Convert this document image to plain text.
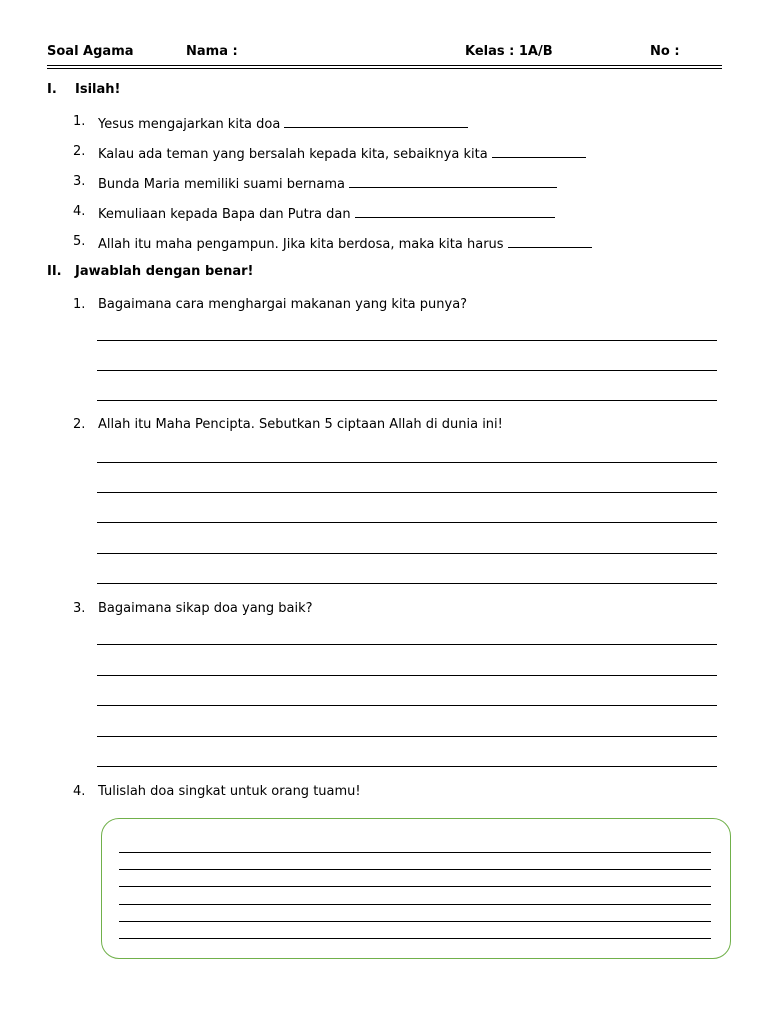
Soal Agama	Nama :	Kelas : 1A/B	No :
I. Isilah!
1. Yesus mengajarkan kita doa
2. Kalau ada teman yang bersalah kepada kita, sebaiknya kita
3. Bunda Maria memiliki suami bernama
4. Kemuliaan kepada Bapa dan Putra dan
5. Allah itu maha pengampun. Jika kita berdosa, maka kita harus
II. Jawablah dengan benar!
1. Bagaimana cara menghargai makanan yang kita punya?
2. Allah itu Maha Pencipta. Sebutkan 5 ciptaan Allah di dunia ini!
3. Bagaimana sikap doa yang baik?
4. Tulislah doa singkat untuk orang tuamu!
